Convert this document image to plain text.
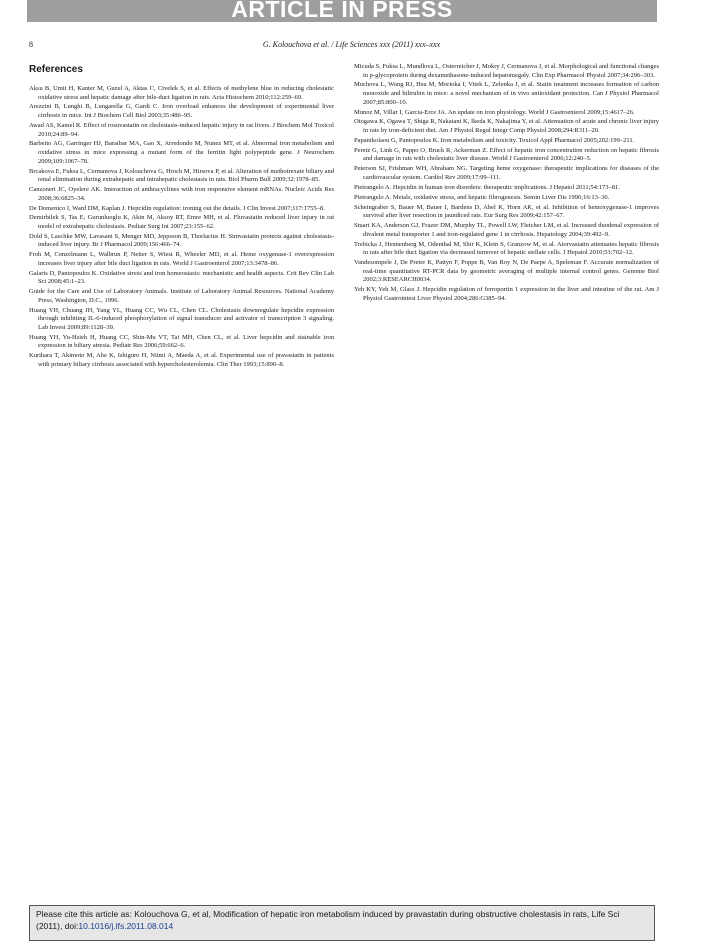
ARTICLE IN PRESS
8	G. Kolouchova et al. / Life Sciences xxx (2011) xxx–xxx
References

Aksu B, Umit H, Kanter M, Guzel A, Aktas C, Civelek S, et al. Effects of methylene blue in reducing cholestatic oxidative stress and hepatic damage after bile-duct ligation in rats. Acta Histochem 2010;112:259–69.

Arezzini B, Lunghi B, Lungarella G, Gardi C. Iron overload enhances the development of experimental liver cirrhosis in mice. Int J Biochem Cell Biol 2003;35:486–95.

Awad AS, Kamel R. Effect of rosuvastatin on cholestasis-induced hepatic injury in rat livers. J Biochem Mol Toxicol 2010;24:89–94.

Barbeito AG, Garringer HJ, Baraibar MA, Gao X, Arredondo M, Nunez MT, et al. Abnormal iron metabolism and oxidative stress in mice expressing a mutant form of the ferritin light polypeptide gene. J Neurochem 2009;109:1067–78.

Brcakova E, Fuksa L, Cermanova J, Kolouchova G, Hroch M, Hirsova P, et al. Alteration of methotrexate biliary and renal elimination during extrahepatic and intrahepatic cholestasis in rats. Biol Pharm Bull 2009;32:1978–85.

Canzoneri JC, Oyelere AK. Interaction of anthracyclines with iron responsive element mRNAs. Nucleic Acids Res 2008;36:6825–34.

De Domenico I, Ward DM, Kaplan J. Hepcidin regulation: ironing out the details. J Clin Invest 2007;117:1755–8.

Demirbilek S, Tas E, Gurunluoglu K, Akin M, Aksoy RT, Emre MH, et al. Fluvastatin reduced liver injury in rat model of extrahepatic cholestasis. Pediatr Surg Int 2007;23:155–62.

Dold S, Laschke MW, Lavasani S, Menger MD, Jeppsson B, Thorlacius H. Simvastatin protects against cholestasis-induced liver injury. Br J Pharmacol 2009;156:466–74.

Froh M, Conzelmann L, Walbrun P, Netter S, Wiest R, Wheeler MD, et al. Heme oxygenase-1 overexpression increases liver injury after bile duct ligation in rats. World J Gastroenterol 2007;13:3478–86.

Galaris D, Pantopoulos K. Oxidative stress and iron homeostasis: mechanistic and health aspects. Crit Rev Clin Lab Sci 2008;45:1–23.

Guide for the Care and Use of Laboratory Animals. Institute of Laboratory Animal Resources. National Academy Press, Washington, D.C., 1996.

Huang YH, Chuang JH, Yang YL, Huang CC, Wu CL, Chen CL. Cholestasis downregulate hepcidin expression through inhibiting IL-6-induced phosphorylation of signal transducer and activator of transcription 3 signaling. Lab Invest 2009;89:1128–39.

Huang YH, Yu-Hsieh H, Huang CC, Shin-Mu VT, Tai MH, Chen CL, et al. Liver hepcidin and stainable iron expression in biliary atresia. Pediatr Res 2006;59:662–6.

Kurihara T, Akimoto M, Abe K, Ishiguro H, Niimi A, Maeda A, et al. Experimental use of pravastatin in patients with primary biliary cirrhosis associated with hypercholesterolemia. Clin Ther 1993;15:890–8.

Micuda S, Fuksa L, Mundlova L, Osterreicher J, Mokry J, Cermanova J, et al. Morphological and functional changes in p-glycoprotein during dexamethasone-induced hepatomegaly. Clin Exp Pharmacol Physiol 2007;34:296–303.

Muchova L, Wong RJ, Hsu M, Morioka I, Vitek L, Zelenka J, et al. Statin treatment increases formation of carbon monoxide and bilirubin in mice: a novel mechanism of in vivo antioxidant protection. Can J Physiol Pharmacol 2007;85:800–10.

Munoz M, Villar I, Garcia-Erce JA. An update on iron physiology. World J Gastroenterol 2009;15:4617–26.

Otogawa K, Ogawa T, Shiga R, Nakatani K, Ikeda K, Nakajima Y, et al. Attenuation of acute and chronic liver injury in rats by iron-deficient diet. Am J Physiol Regul Integr Comp Physiol 2008;294:R311–20.

Papanikolaou G, Pantopoulos K. Iron metabolism and toxicity. Toxicol Appl Pharmacol 2005;202:199–211.

Peretz G, Link G, Pappo O, Bruck R, Ackerman Z. Effect of hepatic iron concentration reduction on hepatic fibrosis and damage in rats with cholestatic liver disease. World J Gastroenterol 2006;12:240–5.

Peterson SJ, Frishman WH, Abraham NG. Targeting heme oxygenase: therapeutic implications for diseases of the cardiovascular system. Cardiol Rev 2009;17:99–111.

Pietrangelo A. Hepcidin in human iron disorders: therapeutic implications. J Hepatol 2011;54:173–81.

Pietrangelo A. Metals, oxidative stress, and hepatic fibrogenesis. Semin Liver Dis 1996;16:13–30.

Scheingraber S, Bauer M, Bauer I, Bardens D, Abel K, Horn AK, et al. Inhibition of hemoxygenase-1 improves survival after liver resection in jaundiced rats. Eur Surg Res 2009;42:157–67.

Stuart KA, Anderson GJ, Frazer DM, Murphy TL, Powell LW, Fletcher LM, et al. Increased duodenal expression of divalent metal transporter 1 and iron-regulated gene 1 in cirrhosis. Hepatology 2004;39:492–9.

Trebicka J, Hennenberg M, Odenthal M, Shir K, Klein S, Granzow M, et al. Atorvastatin attenuates hepatic fibrosis in rats after bile duct ligation via decreased turnover of hepatic stellate cells. J Hepatol 2010;53:702–12.

Vandesompele J, De Preter K, Pattyn F, Poppe B, Van Roy N, De Paepe A, Speleman F. Accurate normalization of real-time quantitative RT-PCR data by geometric averaging of multiple internal control genes. Genome Biol 2002;3:RESEARCH0034.

Yeh KY, Yeh M, Glass J. Hepcidin regulation of ferroportin 1 expression in the liver and intestine of the rat. Am J Physiol Gastrointest Liver Physiol 2004;286:G385–94.

Please cite this article as: Kolouchova G, et al, Modification of hepatic iron metabolism induced by pravastatin during obstructive cholestasis in rats, Life Sci (2011), doi:10.1016/j.lfs.2011.08.014
